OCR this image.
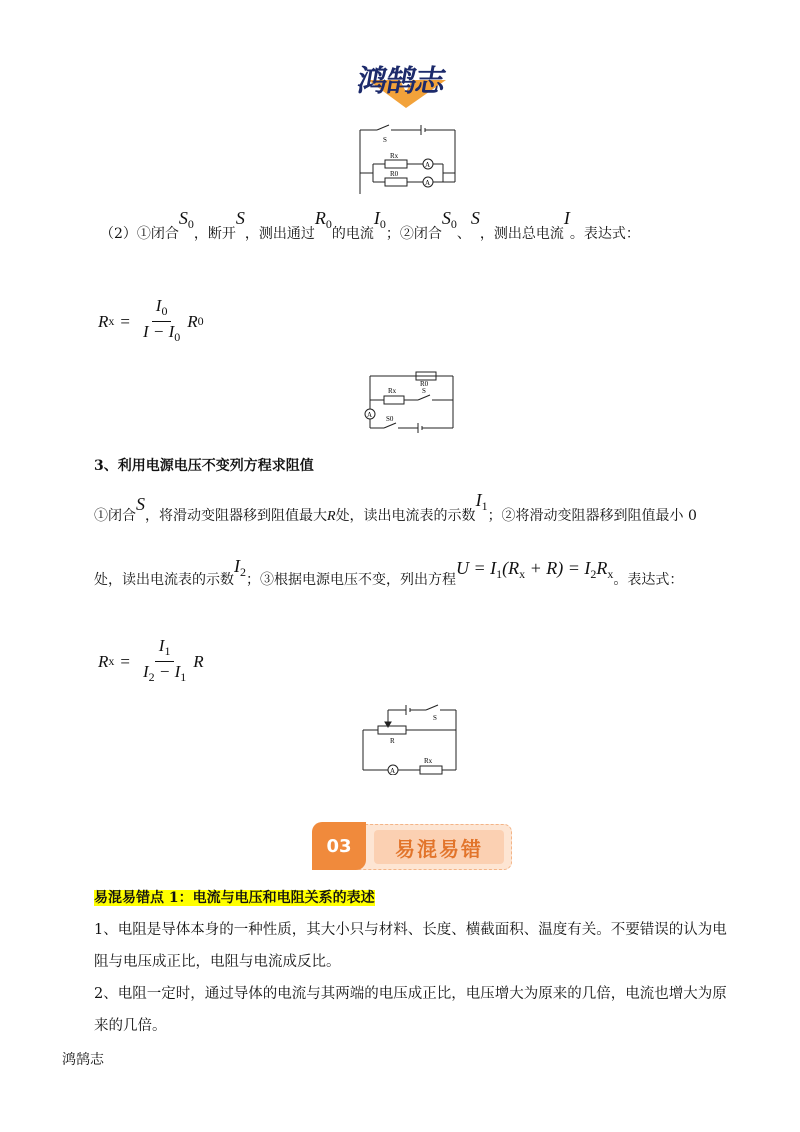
鸿鹄志
S
Rx
R0
A
A
（2）①闭合$S_0$，断开S，测出通过$R_0$的电流$I_0$；②闭合$S_0$、S，测出总电流I。表达式：
R $x = \frac{I_0}{I - I_0}$ R 0
R0
Rx	S
S0
A
3、利用电源电压不变列方程求阻值
①闭合S，将滑动变阻器移到阻值最大R处，读出电流表的示数$I_1$；②将滑动变阻器移到阻值最小 0
处，读出电流表的示数$I_2$；③根据电源电压不变，列出方程$U = I_1(R_x + R) = I_2R_x$。表达式：
R $x = \frac{I_1}{I_2 - I_1}$ R
S
R
Rx
A
03 易混易错
易混易错点 1：电流与电压和电阻关系的表述
1、电阻是导体本身的一种性质，其大小只与材料、长度、横截面积、温度有关。不要错误的认为电阻与电压成正比，电阻与电流成反比。
2、电阻一定时，通过导体的电流与其两端的电压成正比，电压增大为原来的几倍，电流也增大为原来的几倍。
鸿鹄志
